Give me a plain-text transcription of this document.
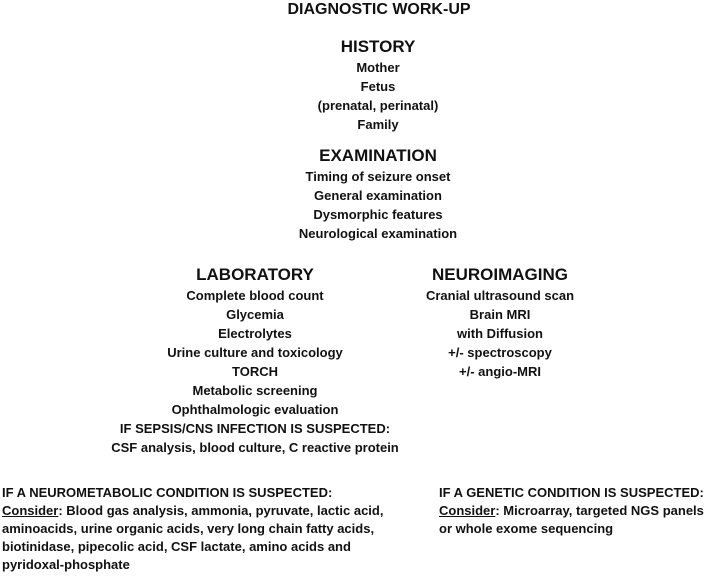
DIAGNOSTIC WORK-UP
HISTORY
Mother
Fetus
(prenatal, perinatal)
Family
EXAMINATION
Timing of seizure onset
General examination
Dysmorphic features
Neurological examination
LABORATORY
Complete blood count
Glycemia
Electrolytes
Urine culture and toxicology
TORCH
Metabolic screening
Ophthalmologic evaluation
IF SEPSIS/CNS INFECTION IS SUSPECTED:
CSF analysis, blood culture, C reactive protein
NEUROIMAGING
Cranial ultrasound scan
Brain MRI
with Diffusion
+/- spectroscopy
+/- angio-MRI
IF A NEUROMETABOLIC CONDITION IS SUSPECTED:
Consider: Blood gas analysis, ammonia, pyruvate, lactic acid,
aminoacids, urine organic acids, very long chain fatty acids,
biotinidase, pipecolic acid, CSF lactate, amino acids and
pyridoxal-phosphate
IF A GENETIC CONDITION IS SUSPECTED:
Consider: Microarray, targeted NGS panels
or whole exome sequencing
